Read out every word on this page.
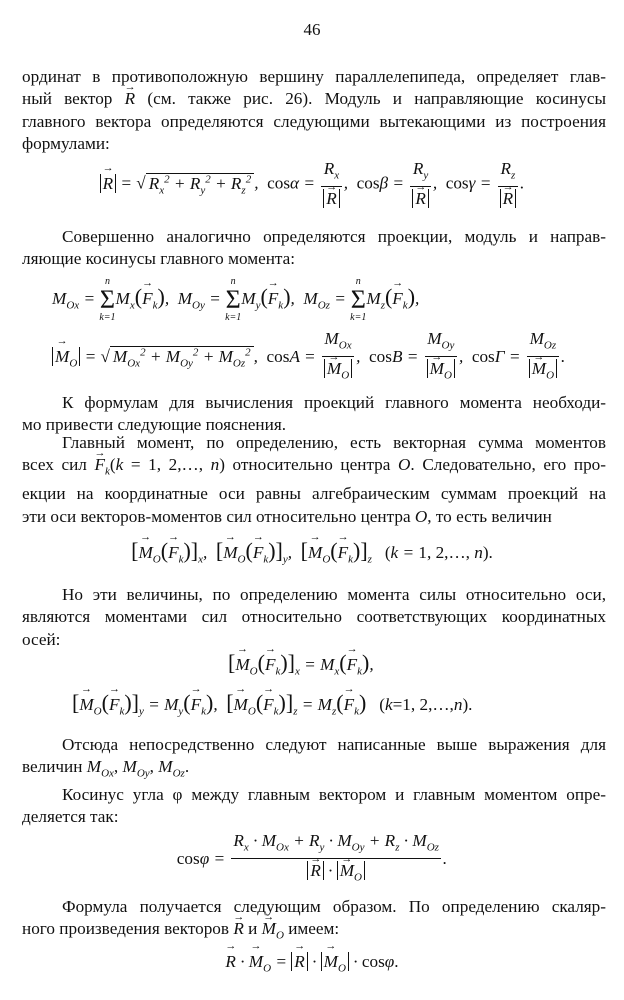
46
ординат в противоположную вершину параллелепипеда, определяет глав-
ный вектор → R (см. также рис. 26). Модуль и направляющие косинусы
главного вектора определяются следующими вытекающими из построения
формулами:
→ R = √ $R_x^2 + R_y^2 + R_z^2$ ,  $\cos\alpha = R_x$
→ R ,  $\cos\beta = R_y$
→ R ,  $\cos\gamma = R_z$
→ R .
Совершенно аналогично определяются проекции, модуль и направ-
ляющие косинусы главного момента:
$M_{Ox}$ =
n
Σ
k=1
$M_x(\to F_k)$,  $M_{Oy}$ =
n
Σ
k=1
$M_y(\to F_k)$,  $M_{Oz}$ =
n
Σ
k=1
$M_z(\to F_k)$,
→ $M_O$ = √ $M_{Ox}^2 + M_{Oy}^2 + M_{Oz}^2$ ,  $\cos A = M_{Ox}$
→ $M_O$ ,  $\cos B = M_{Oy}$
→ $M_O$ ,  $\cos\Gamma = M_{Oz}$
→ $M_O$ .
К формулам для вычисления проекций главного момента необходи-
мо привести следующие пояснения.
Главный момент, по определению, есть векторная сумма моментов
всех сил → $F_k(k = 1$, 2,…, n) относительно центра O. Следовательно, его про-
екции на координатные оси равны алгебраическим суммам проекций на
эти оси векторов-моментов сил относительно центра O, то есть величин
[→ $M_O(\to F_k)]_x$,  [→ $M_O(\to F_k)]_y$,  [→ $M_O(\to F_k)]_z$ (k = 1, 2,…, n).
Но эти величины, по определению момента силы относительно оси,
являются моментами сил относительно соответствующих координатных
осей:
[→ $M_O(\to F_k)]_x = M_x(\to F_k)$,
[→ $M_O(\to F_k)]_y = M_y(\to F_k)$,  [→ $M_O(\to F_k)]_z = M_z(\to F_k)$ (k=1, 2,…,n).
Отсюда непосредственно следуют написанные выше выражения для
величин $M_{Ox}$, $M_{Oy}$, $M_{Oz}$.
Косинус угла φ между главным вектором и главным моментом опре-
деляется так:
$\cos\varphi = R_x \cdot M_{Ox} + R_y \cdot M_{Oy} + R_z \cdot M_{Oz}$
→ R · → $M_O$ .
Формула получается следующим образом. По определению скаляр-
ного произведения векторов → R $и \to M_O$ имеем:
→ R · → $M_O$ = → R · → $M_O \cdot \cos\varphi$.
